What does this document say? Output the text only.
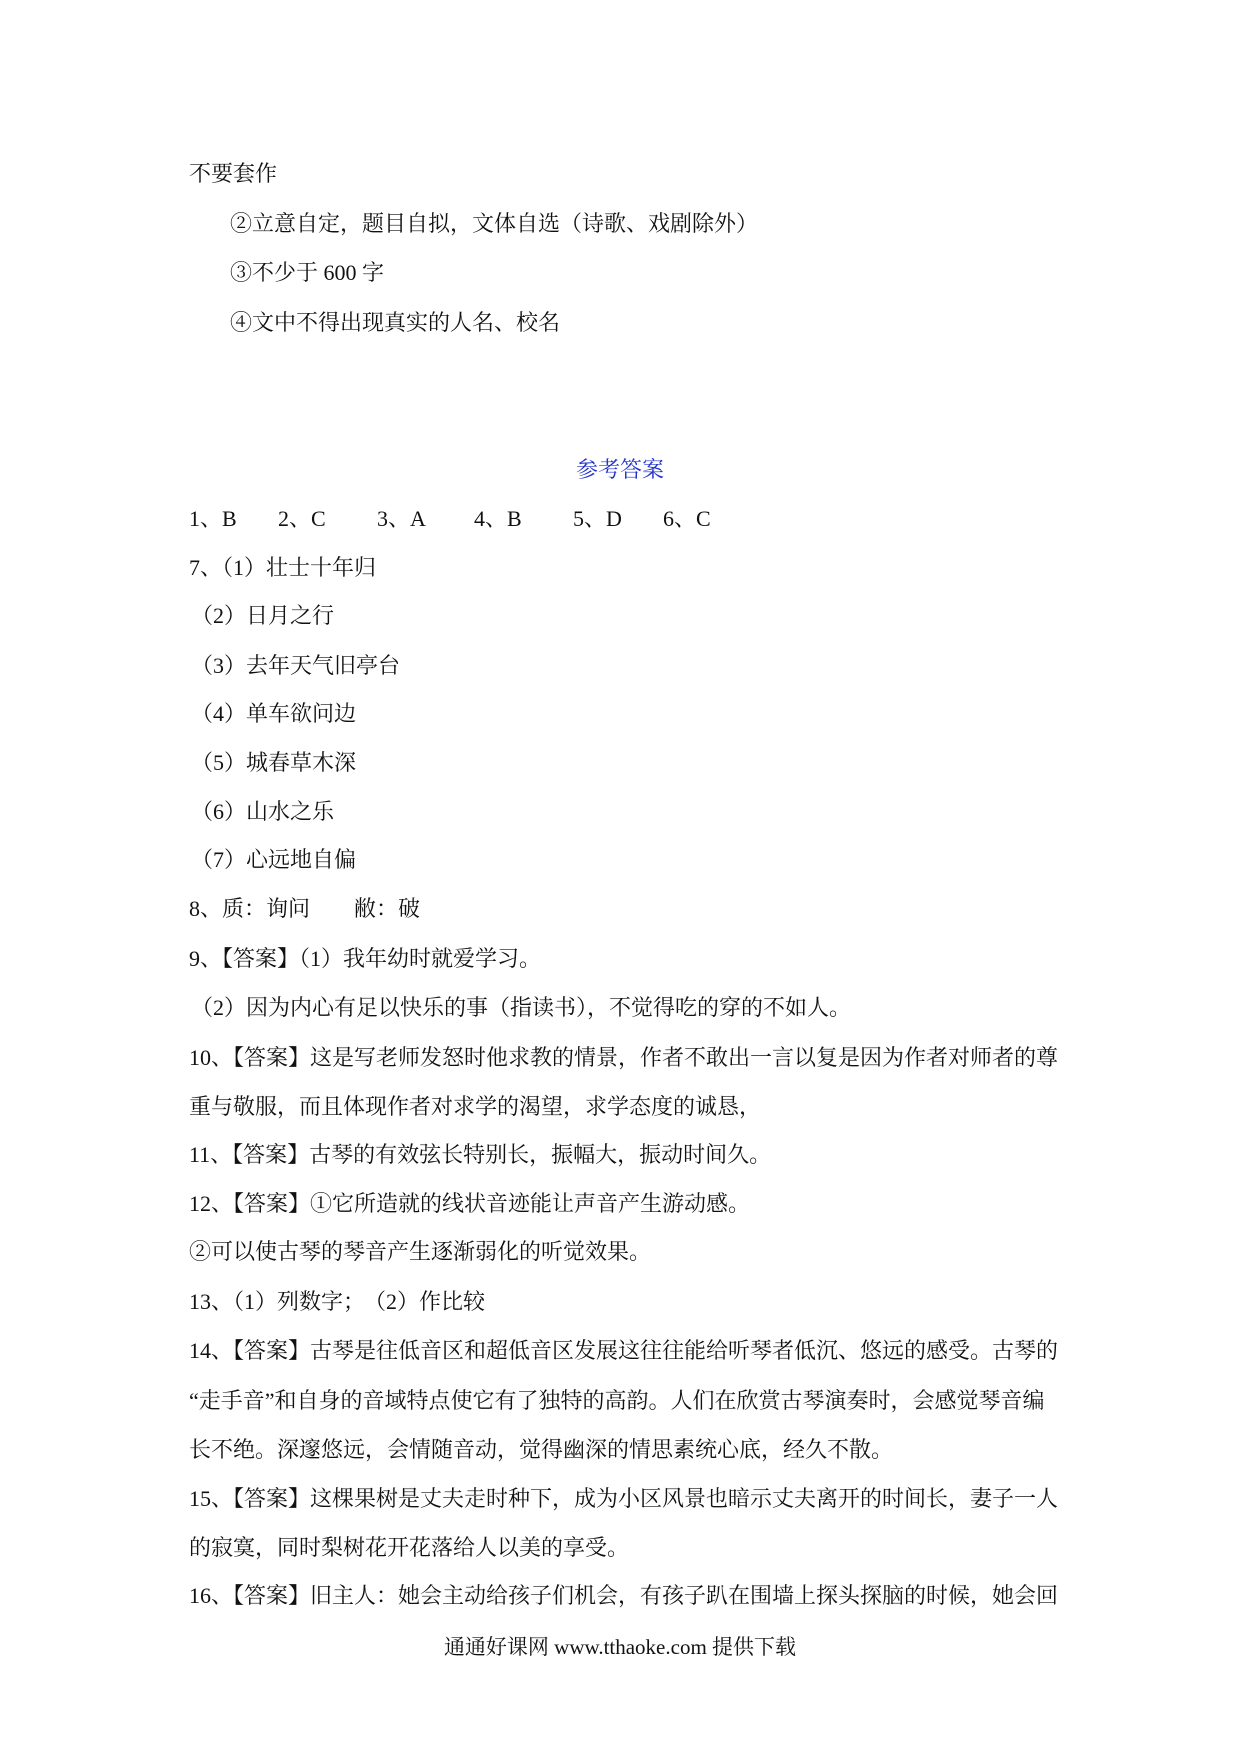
不要套作
②立意自定，题目自拟，文体自选（诗歌、戏剧除外）
③不少于 600 字
④文中不得出现真实的人名、校名
参考答案
1、B 2、C 3、A 4、B 5、D 6、C
7、（1）壮士十年归
（2）日月之行
（3）去年天气旧亭台
（4）单车欲问边
（5）城春草木深
（6）山水之乐
（7）心远地自偏
8、质：询问 敝：破
9、【答案】（1）我年幼时就爱学习。
（2）因为内心有足以快乐的事（指读书），不觉得吃的穿的不如人。
10、【答案】这是写老师发怒时他求教的情景，作者不敢出一言以复是因为作者对师者的尊
重与敬服，而且体现作者对求学的渴望，求学态度的诚恳，
11、【答案】古琴的有效弦长特别长，振幅大，振动时间久。
12、【答案】①它所造就的线状音迹能让声音产生游动感。
②可以使古琴的琴音产生逐渐弱化的听觉效果。
13、（1）列数字；
（2）作比较
14、【答案】古琴是往低音区和超低音区发展这往往能给听琴者低沉、悠远的感受。古琴的
“走手音”和自身的音域特点使它有了独特的高韵。人们在欣赏古琴演奏时，会感觉琴音编
长不绝。深邃悠远，会情随音动，觉得幽深的情思素统心底，经久不散。
15、【答案】这棵果树是丈夫走时种下，成为小区风景也暗示丈夫离开的时间长，妻子一人
的寂寞，同时梨树花开花落给人以美的享受。
16、【答案】旧主人：她会主动给孩子们机会，有孩子趴在围墙上探头探脑的时候，她会回
通通好课网 www.tthaoke.com 提供下载
